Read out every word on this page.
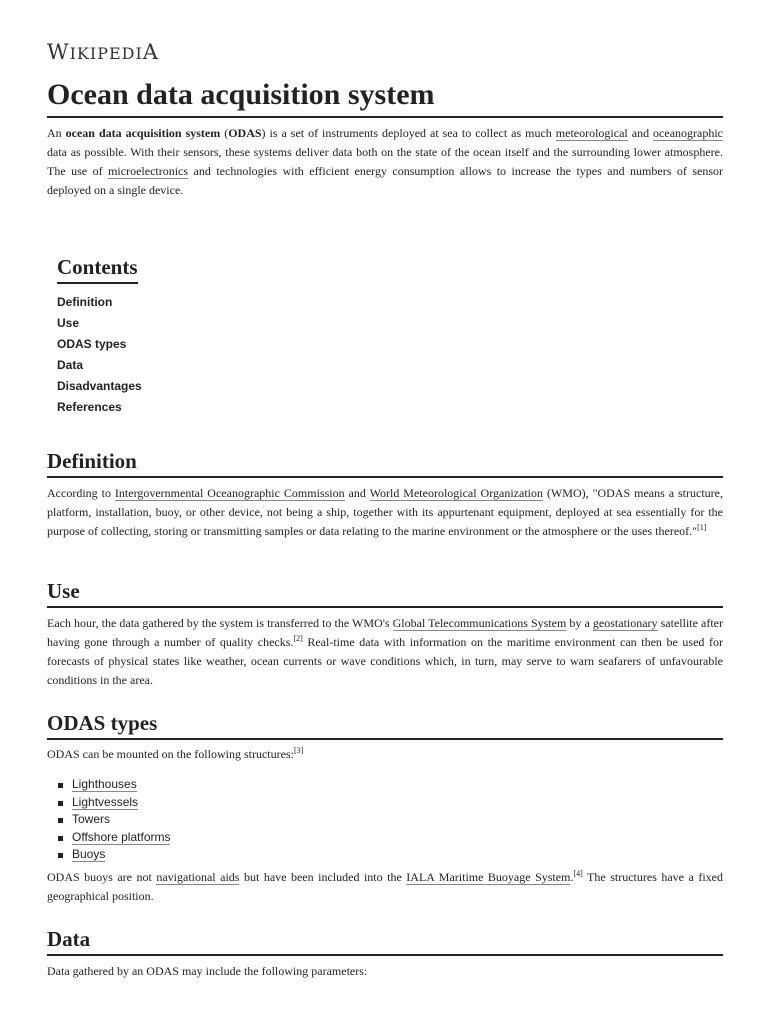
WIKIPEDIA
Ocean data acquisition system

An ocean data acquisition system (ODAS) is a set of instruments deployed at sea to collect as much meteorological and oceanographic data as possible. With their sensors, these systems deliver data both on the state of the ocean itself and the surrounding lower atmosphere. The use of microelectronics and technologies with efficient energy consumption allows to increase the types and numbers of sensor deployed on a single device.

Contents
Definition
Use
ODAS types
Data
Disadvantages
References
Definition

According to Intergovernmental Oceanographic Commission and World Meteorological Organization (WMO), "ODAS means a structure, platform, installation, buoy, or other device, not being a ship, together with its appurtenant equipment, deployed at sea essentially for the purpose of collecting, storing or transmitting samples or data relating to the marine environment or the atmosphere or the uses thereof."[1]

Use

Each hour, the data gathered by the system is transferred to the WMO's Global Telecommunications System by a geostationary satellite after having gone through a number of quality checks.[2] Real-time data with information on the maritime environment can then be used for forecasts of physical states like weather, ocean currents or wave conditions which, in turn, may serve to warn seafarers of unfavourable conditions in the area.

ODAS types

ODAS can be mounted on the following structures:[3]

Lighthouses
Lightvessels
Towers
Offshore platforms
Buoys

ODAS buoys are not navigational aids but have been included into the IALA Maritime Buoyage System.[4] The structures have a fixed geographical position.

Data

Data gathered by an ODAS may include the following parameters:
